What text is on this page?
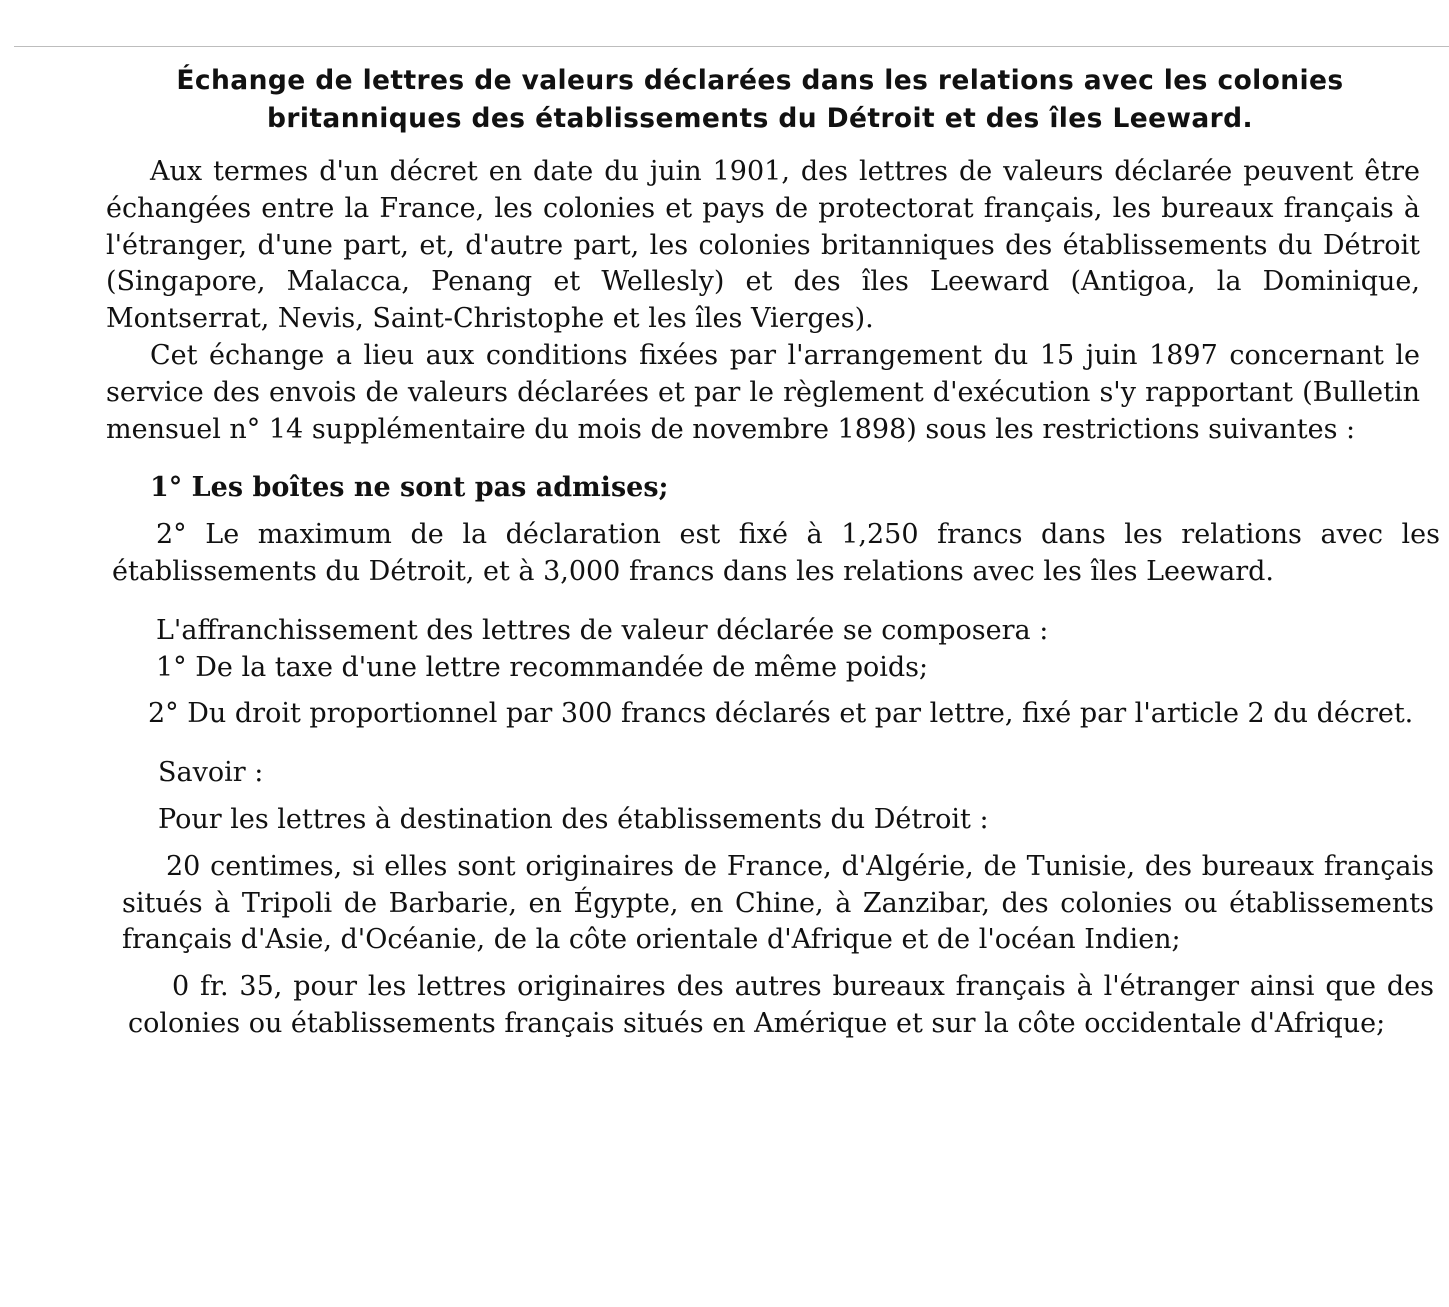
Échange de lettres de valeurs déclarées dans les relations avec les colonies
britanniques des établissements du Détroit et des îles Leeward.

Aux termes d'un décret en date du juin 1901, des lettres de valeurs déclarée peuvent être échangées entre la France, les colonies et pays de protectorat français, les bureaux français à l'étranger, d'une part, et, d'autre part, les colonies britanniques des établissements du Détroit (Singapore, Malacca, Penang et Wellesly) et des îles Leeward (Antigoa, la Dominique, Montserrat, Nevis, Saint-Christophe et les îles Vierges).

Cet échange a lieu aux conditions fixées par l'arrangement du 15 juin 1897 concernant le service des envois de valeurs déclarées et par le règlement d'exécution s'y rapportant (Bulletin mensuel n° 14 supplémentaire du mois de novembre 1898) sous les restrictions suivantes :

1° Les boîtes ne sont pas admises;

2° Le maximum de la déclaration est fixé à 1,250 francs dans les relations avec les établissements du Détroit, et à 3,000 francs dans les relations avec les îles Leeward.

L'affranchissement des lettres de valeur déclarée se composera :

1° De la taxe d'une lettre recommandée de même poids;

2° Du droit proportionnel par 300 francs déclarés et par lettre, fixé par l'article 2 du décret.

Savoir :

Pour les lettres à destination des établissements du Détroit :

20 centimes, si elles sont originaires de France, d'Algérie, de Tunisie, des bureaux français situés à Tripoli de Barbarie, en Égypte, en Chine, à Zanzibar, des colonies ou établissements français d'Asie, d'Océanie, de la côte orientale d'Afrique et de l'océan Indien;

0 fr. 35, pour les lettres originaires des autres bureaux français à l'étranger ainsi que des colonies ou établissements français situés en Amérique et sur la côte occidentale d'Afrique;
